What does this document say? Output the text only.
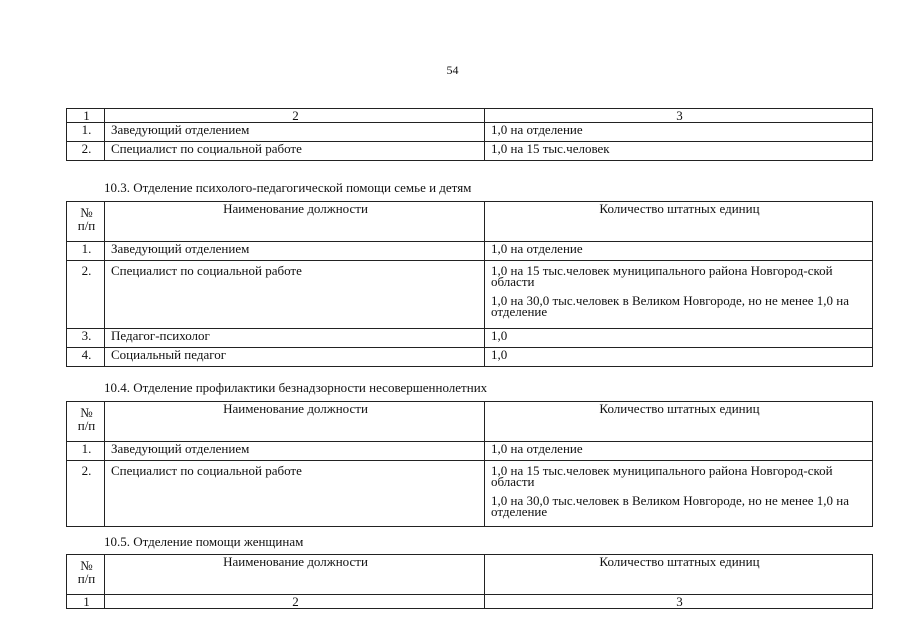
54
1	2	3
1.	Заведующий отделением	1,0 на отделение
2.	Специалист по социальной работе	1,0 на 15 тыс.человек
10.3. Отделение психолого-педагогической помощи семье и детям
№
п/п	Наименование должности	Количество штатных единиц
1.	Заведующий отделением	1,0 на отделение
2.	Специалист по социальной работе	1,0 на 15 тыс.человек муниципального района Новгород-ской области
1,0 на 30,0 тыс.человек в Великом Новгороде, но не менее 1,0 на отделение

3.	Педагог-психолог	1,0
4.	Социальный педагог	1,0
10.4. Отделение профилактики безнадзорности несовершеннолетних
№
п/п	Наименование должности	Количество штатных единиц
1.	Заведующий отделением	1,0 на отделение
2.	Специалист по социальной работе	1,0 на 15 тыс.человек муниципального района Новгород-ской области
1,0 на 30,0 тыс.человек в Великом Новгороде, но не менее 1,0 на отделение
10.5. Отделение помощи женщинам
№
п/п	Наименование должности	Количество штатных единиц
1	2	3
